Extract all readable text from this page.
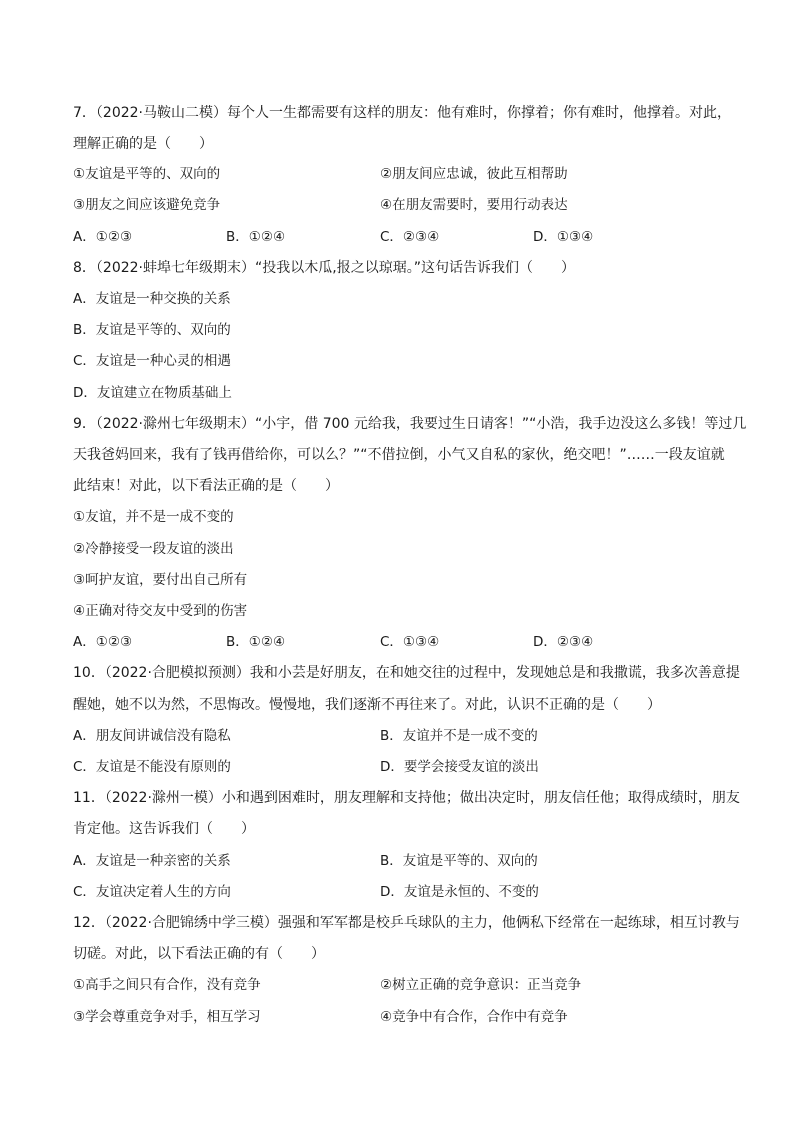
7．（2022·马鞍山二模）每个人一生都需要有这样的朋友：他有难时，你撑着；你有难时，他撑着。对此，
理解正确的是（　　）
①友谊是平等的、双向的	②朋友间应忠诚，彼此互相帮助
③朋友之间应该避免竞争	④在朋友需要时，要用行动表达
A．①②③	B．①②④	C．②③④	D．①③④
8．（2022·蚌埠七年级期末）“投我以木瓜,报之以琼琚。”这句话告诉我们（　　）
A．友谊是一种交换的关系
B．友谊是平等的、双向的
C．友谊是一种心灵的相遇
D．友谊建立在物质基础上
9．（2022·滁州七年级期末）“小宇，借 700 元给我，我要过生日请客！”“小浩，我手边没这么多钱！等过几
天我爸妈回来，我有了钱再借给你，可以么？”“不借拉倒，小气又自私的家伙，绝交吧！”……一段友谊就
此结束！对此，以下看法正确的是（　　）
①友谊，并不是一成不变的
②冷静接受一段友谊的淡出
③呵护友谊，要付出自己所有
④正确对待交友中受到的伤害
A．①②③	B．①②④	C．①③④	D．②③④
10．（2022·合肥模拟预测）我和小芸是好朋友，在和她交往的过程中，发现她总是和我撒谎，我多次善意提
醒她，她不以为然，不思悔改。慢慢地，我们逐渐不再往来了。对此，认识不正确的是（　　）
A．朋友间讲诚信没有隐私	B．友谊并不是一成不变的
C．友谊是不能没有原则的	D．要学会接受友谊的淡出
11．（2022·滁州一模）小和遇到困难时，朋友理解和支持他；做出决定时，朋友信任他；取得成绩时，朋友
肯定他。这告诉我们（　　）
A．友谊是一种亲密的关系	B．友谊是平等的、双向的
C．友谊决定着人生的方向	D．友谊是永恒的、不变的
12．（2022·合肥锦绣中学三模）强强和军军都是校乒乓球队的主力，他俩私下经常在一起练球，相互讨教与
切磋。对此，以下看法正确的有（　　）
①高手之间只有合作，没有竞争	②树立正确的竞争意识：正当竞争
③学会尊重竞争对手，相互学习	④竞争中有合作，合作中有竞争
